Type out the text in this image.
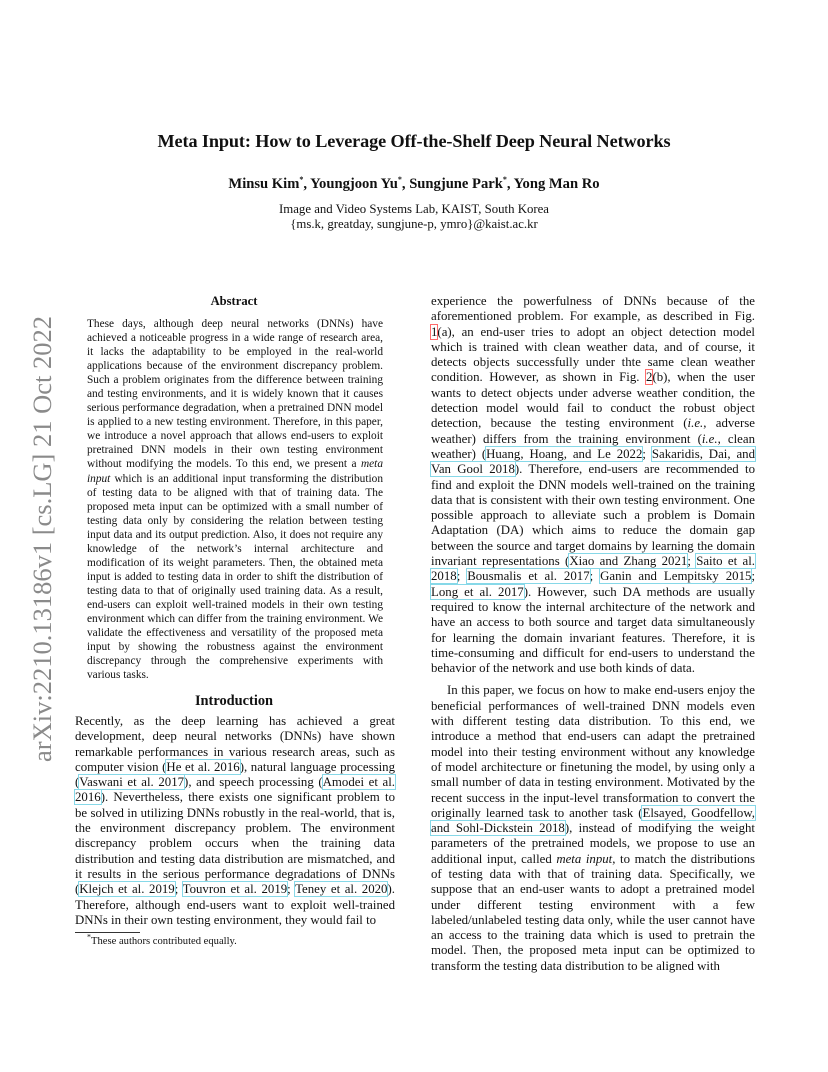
arXiv:2210.13186v1 [cs.LG] 21 Oct 2022
Meta Input: How to Leverage Off-the-Shelf Deep Neural Networks
Minsu Kim*, Youngjoon Yu*, Sungjune Park*, Yong Man Ro
Image and Video Systems Lab, KAIST, South Korea
{ms.k, greatday, sungjune-p, ymro}@kaist.ac.kr
Abstract
These days, although deep neural networks (DNNs) have achieved a noticeable progress in a wide range of research area, it lacks the adaptability to be employed in the real-world applications because of the environment discrepancy problem. Such a problem originates from the difference between training and testing environments, and it is widely known that it causes serious performance degradation, when a pretrained DNN model is applied to a new testing environment. Therefore, in this paper, we introduce a novel approach that allows end-users to exploit pretrained DNN models in their own testing environment without modifying the models. To this end, we present a meta input which is an additional input transforming the distribution of testing data to be aligned with that of training data. The proposed meta input can be optimized with a small number of testing data only by considering the relation between testing input data and its output prediction. Also, it does not require any knowledge of the network’s internal architecture and modification of its weight parameters. Then, the obtained meta input is added to testing data in order to shift the distribution of testing data to that of originally used training data. As a result, end-users can exploit well-trained models in their own testing environment which can differ from the training environment. We validate the effectiveness and versatility of the proposed meta input by showing the robustness against the environment discrepancy through the comprehensive experiments with various tasks.
Introduction
Recently, as the deep learning has achieved a great development, deep neural networks (DNNs) have shown remarkable performances in various research areas, such as computer vision (He et al. 2016), natural language processing (Vaswani et al. 2017), and speech processing (Amodei et al. 2016). Nevertheless, there exists one significant problem to be solved in utilizing DNNs robustly in the real-world, that is, the environment discrepancy problem. The environment discrepancy problem occurs when the training data distribution and testing data distribution are mismatched, and it results in the serious performance degradations of DNNs (Klejch et al. 2019; Touvron et al. 2019; Teney et al. 2020). Therefore, although end-users want to exploit well-trained DNNs in their own testing environment, they would fail to
*These authors contributed equally.

experience the powerfulness of DNNs because of the aforementioned problem. For example, as described in Fig. 1(a), an end-user tries to adopt an object detection model which is trained with clean weather data, and of course, it detects objects successfully under thte same clean weather condition. However, as shown in Fig. 2(b), when the user wants to detect objects under adverse weather condition, the detection model would fail to conduct the robust object detection, because the testing environment (i.e., adverse weather) differs from the training environment (i.e., clean weather) (Huang, Hoang, and Le 2022; Sakaridis, Dai, and Van Gool 2018). Therefore, end-users are recommended to find and exploit the DNN models well-trained on the training data that is consistent with their own testing environment. One possible approach to alleviate such a problem is Domain Adaptation (DA) which aims to reduce the domain gap between the source and target domains by learning the domain invariant representations (Xiao and Zhang 2021; Saito et al. 2018; Bousmalis et al. 2017; Ganin and Lempitsky 2015; Long et al. 2017). However, such DA methods are usually required to know the internal architecture of the network and have an access to both source and target data simultaneously for learning the domain invariant features. Therefore, it is time-consuming and difficult for end-users to understand the behavior of the network and use both kinds of data.

In this paper, we focus on how to make end-users enjoy the beneficial performances of well-trained DNN models even with different testing data distribution. To this end, we introduce a method that end-users can adapt the pretrained model into their testing environment without any knowledge of model architecture or finetuning the model, by using only a small number of data in testing environment. Motivated by the recent success in the input-level transformation to convert the originally learned task to another task (Elsayed, Goodfellow, and Sohl-Dickstein 2018), instead of modifying the weight parameters of the pretrained models, we propose to use an additional input, called meta input, to match the distributions of testing data with that of training data. Specifically, we suppose that an end-user wants to adopt a pretrained model under different testing environment with a few labeled/unlabeled testing data only, while the user cannot have an access to the training data which is used to pretrain the model. Then, the proposed meta input can be optimized to transform the testing data distribution to be aligned with
